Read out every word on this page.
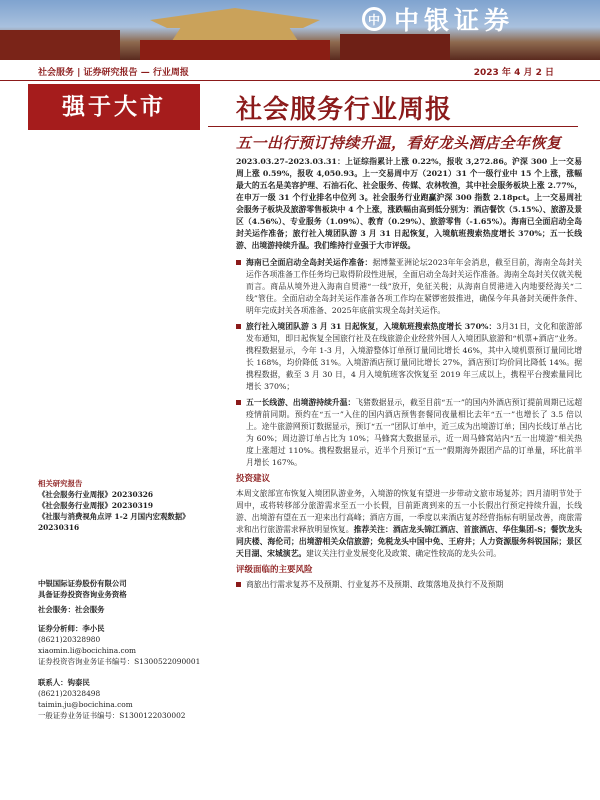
中 中银证券
社会服务 | 证券研究报告 — 行业周报	2023 年 4 月 2 日
强于大市	社会服务行业周报
五一出行预订持续升温，看好龙头酒店全年恢复

2023.03.27-2023.03.31：上证综指累计上涨 0.22%，报收 3,272.86。沪深 300 上一交易周上涨 0.59%，报收 4,050.93。上一交易周中万（2021）31 个一级行业中 15 个上涨，涨幅最大的五名是美容护理、石油石化、社会服务、传媒、农林牧渔，其中社会服务板块上涨 2.77%，在申万一级 31 个行业排名中位列 3。社会服务行业跑赢沪深 300 指数 2.18pct。上一交易周社会服务子板块及旅游零售板块中 4 个上涨，涨跌幅由高到低分别为：酒店餐饮（5.15%）、旅游及景区（4.56%）、专业服务（1.09%）、教育（0.29%）、旅游零售（-1.65%）。海南已全面启动全岛封关运作准备；旅行社入境团队游 3 月 31 日起恢复，入境航班搜索热度增长 370%；五一长线游、出境游持续升温。我们维持行业强于大市评级。

海南已全面启动全岛封关运作准备：据博鳌亚洲论坛2023年年会消息，截至目前，海南全岛封关运作各项准备工作任务均已取得阶段性进展，全面启动全岛封关运作准备。海南全岛封关仅就关税而言。商品从境外进入海南自贸港“一线”放开，免征关税；从海南自贸港进入内地要经海关“二线”管住。全面启动全岛封关运作准备各项工作均在紧锣密鼓推进，确保今年具备封关硬件条件、明年完成封关各项准备、2025年底前实现全岛封关运作。
旅行社入境团队游 3 月 31 日起恢复，入境航班搜索热度增长 370%：3月31日，文化和旅游部发布通知，即日起恢复全国旅行社及在线旅游企业经营外国人入境团队旅游和“机票+酒店”业务。携程数据显示，今年 1-3 月，入境游整体订单预订量同比增长 46%，其中入境机票预订量同比增长 168%，均价降低 31%。入境游酒店预订量同比增长 27%，酒店预订均价同比降低 14%。据携程数据，截至 3 月 30 日，4 月入境航班客次恢复至 2019 年三成以上，携程平台搜索量同比增长 370%；
五一长线游、出境游持续升温：飞猪数据显示，截至目前“五一”的国内外酒店预订提前周期已远超疫情前同期。预约在“五一”入住的国内酒店预售套餐同夜量相比去年“五一”也增长了 3.5 倍以上。途牛旅游网预订数据显示，预订“五一”团队订单中，近三成为出境游订单；国内长线订单占比为 60%；周边游订单占比为 10%；马蜂窝大数据显示，近一周马蜂窝站内“五一出境游”相关热度上涨超过 110%。携程数据显示，近半个月预订“五一”假期海外跟团产品的订单量，环比前半月增长 167%。
投资建议

本周文旅部宣布恢复入境团队游业务，入境游的恢复有望进一步带动文旅市场复苏；四月清明节处于周中，或将转移部分旅游需求至五一小长假，目前距离到来的五一小长假出行预定持续升温，长线游、出境游有望在五一迎来出行高峰；酒店方面，一季度以来酒店复苏经营指标有明显改善，商旅需求和出行旅游需求释放明显恢复。推荐关注：酒店龙头锦江酒店、首旅酒店、华住集团-S；餐饮龙头同庆楼、海伦司；出境游相关众信旅游；免税龙头中国中免、王府井；人力资源服务科锐国际；景区天目湖、宋城演艺。建议关注行业发展变化及政策、确定性较高的龙头公司。

评级面临的主要风险
商旅出行需求复苏不及预期、行业复苏不及预期、政策落地及执行不及预期
相关研究报告
《社会服务行业周报》20230326
《社会服务行业周报》20230319
《社服与消费视角点评 1-2 月国内宏观数据》20230316
中银国际证券股份有限公司
具备证券投资咨询业务资格
社会服务：社会服务
证券分析师：李小民
(8621)20328980
xiaomin.li@bocichina.com
证券投资咨询业务证书编号：S1300522090001
联系人：钩泰民
(8621)20328498
taimin.ju@bocichina.com
一般证券业务证书编号：S1300122030002
